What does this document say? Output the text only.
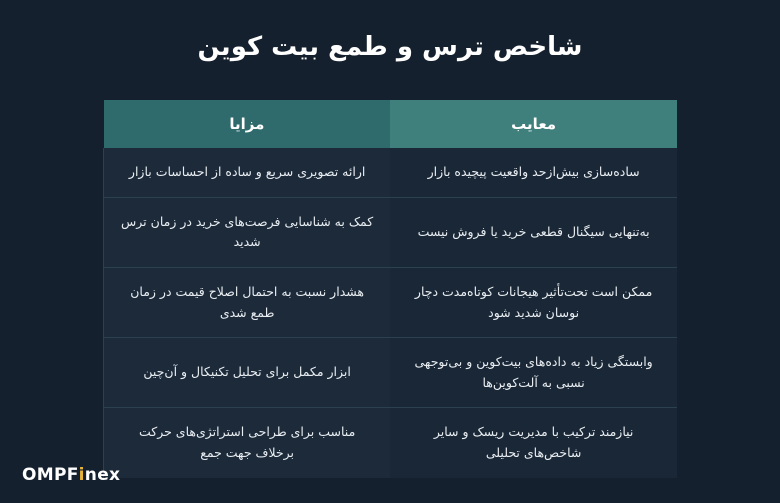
شاخص ترس و طمع بیت کوین
معایب	مزایا
ساده‌سازی بیش‌ازحد واقعیت پیچیده بازار	ارائه تصویری سریع و ساده از احساسات بازار
به‌تنهایی سیگنال قطعی خرید یا فروش نیست	کمک به شناسایی فرصت‌های خرید در زمان ترس شدید
ممکن است تحت‌تأثیر هیجانات کوتاه‌مدت دچار نوسان شدید شود	هشدار نسبت به احتمال اصلاح قیمت در زمان طمع شدی
وابستگی زیاد به داده‌های بیت‌کوین و بی‌توجهی نسبی به آلت‌کوین‌ها	ابزار مکمل برای تحلیل تکنیکال و آن‌چین
نیازمند ترکیب با مدیریت ریسک و سایر شاخص‌های تحلیلی	مناسب برای طراحی استراتژی‌های حرکت برخلاف جهت جمع
OMPFinex
